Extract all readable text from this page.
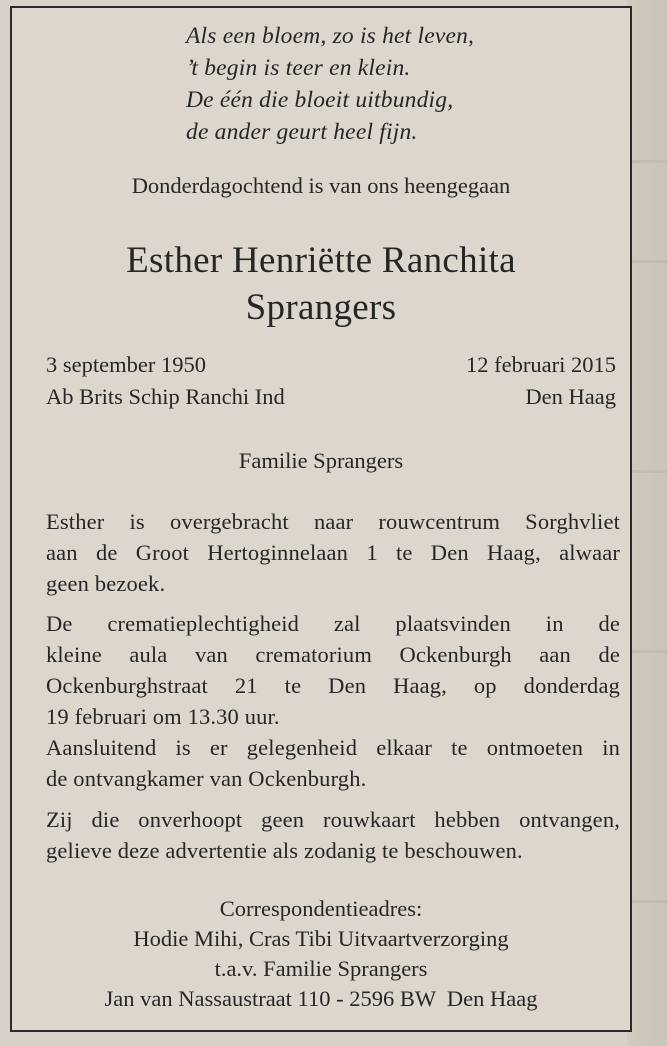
Als een bloem, zo is het leven,
’t begin is teer en klein.
De één die bloeit uitbundig,
de ander geurt heel fijn.
Donderdagochtend is van ons heengegaan
Esther Henriëtte Ranchita
Sprangers
3 september 1950	12 februari 2015
Ab Brits Schip Ranchi Ind	Den Haag
Familie Sprangers
Esther is overgebracht naar rouwcentrum Sorghvliet
aan de Groot Hertoginnelaan 1 te Den Haag, alwaar
geen bezoek.
De crematieplechtigheid zal plaatsvinden in de
kleine aula van crematorium Ockenburgh aan de
Ockenburghstraat 21 te Den Haag, op donderdag
19 februari om 13.30 uur.
Aansluitend is er gelegenheid elkaar te ontmoeten in
de ontvangkamer van Ockenburgh.
Zij die onverhoopt geen rouwkaart hebben ontvangen,
gelieve deze advertentie als zodanig te beschouwen.
Correspondentieadres:
Hodie Mihi, Cras Tibi Uitvaartverzorging
t.a.v. Familie Sprangers
Jan van Nassaustraat 110 - 2596 BW  Den Haag
